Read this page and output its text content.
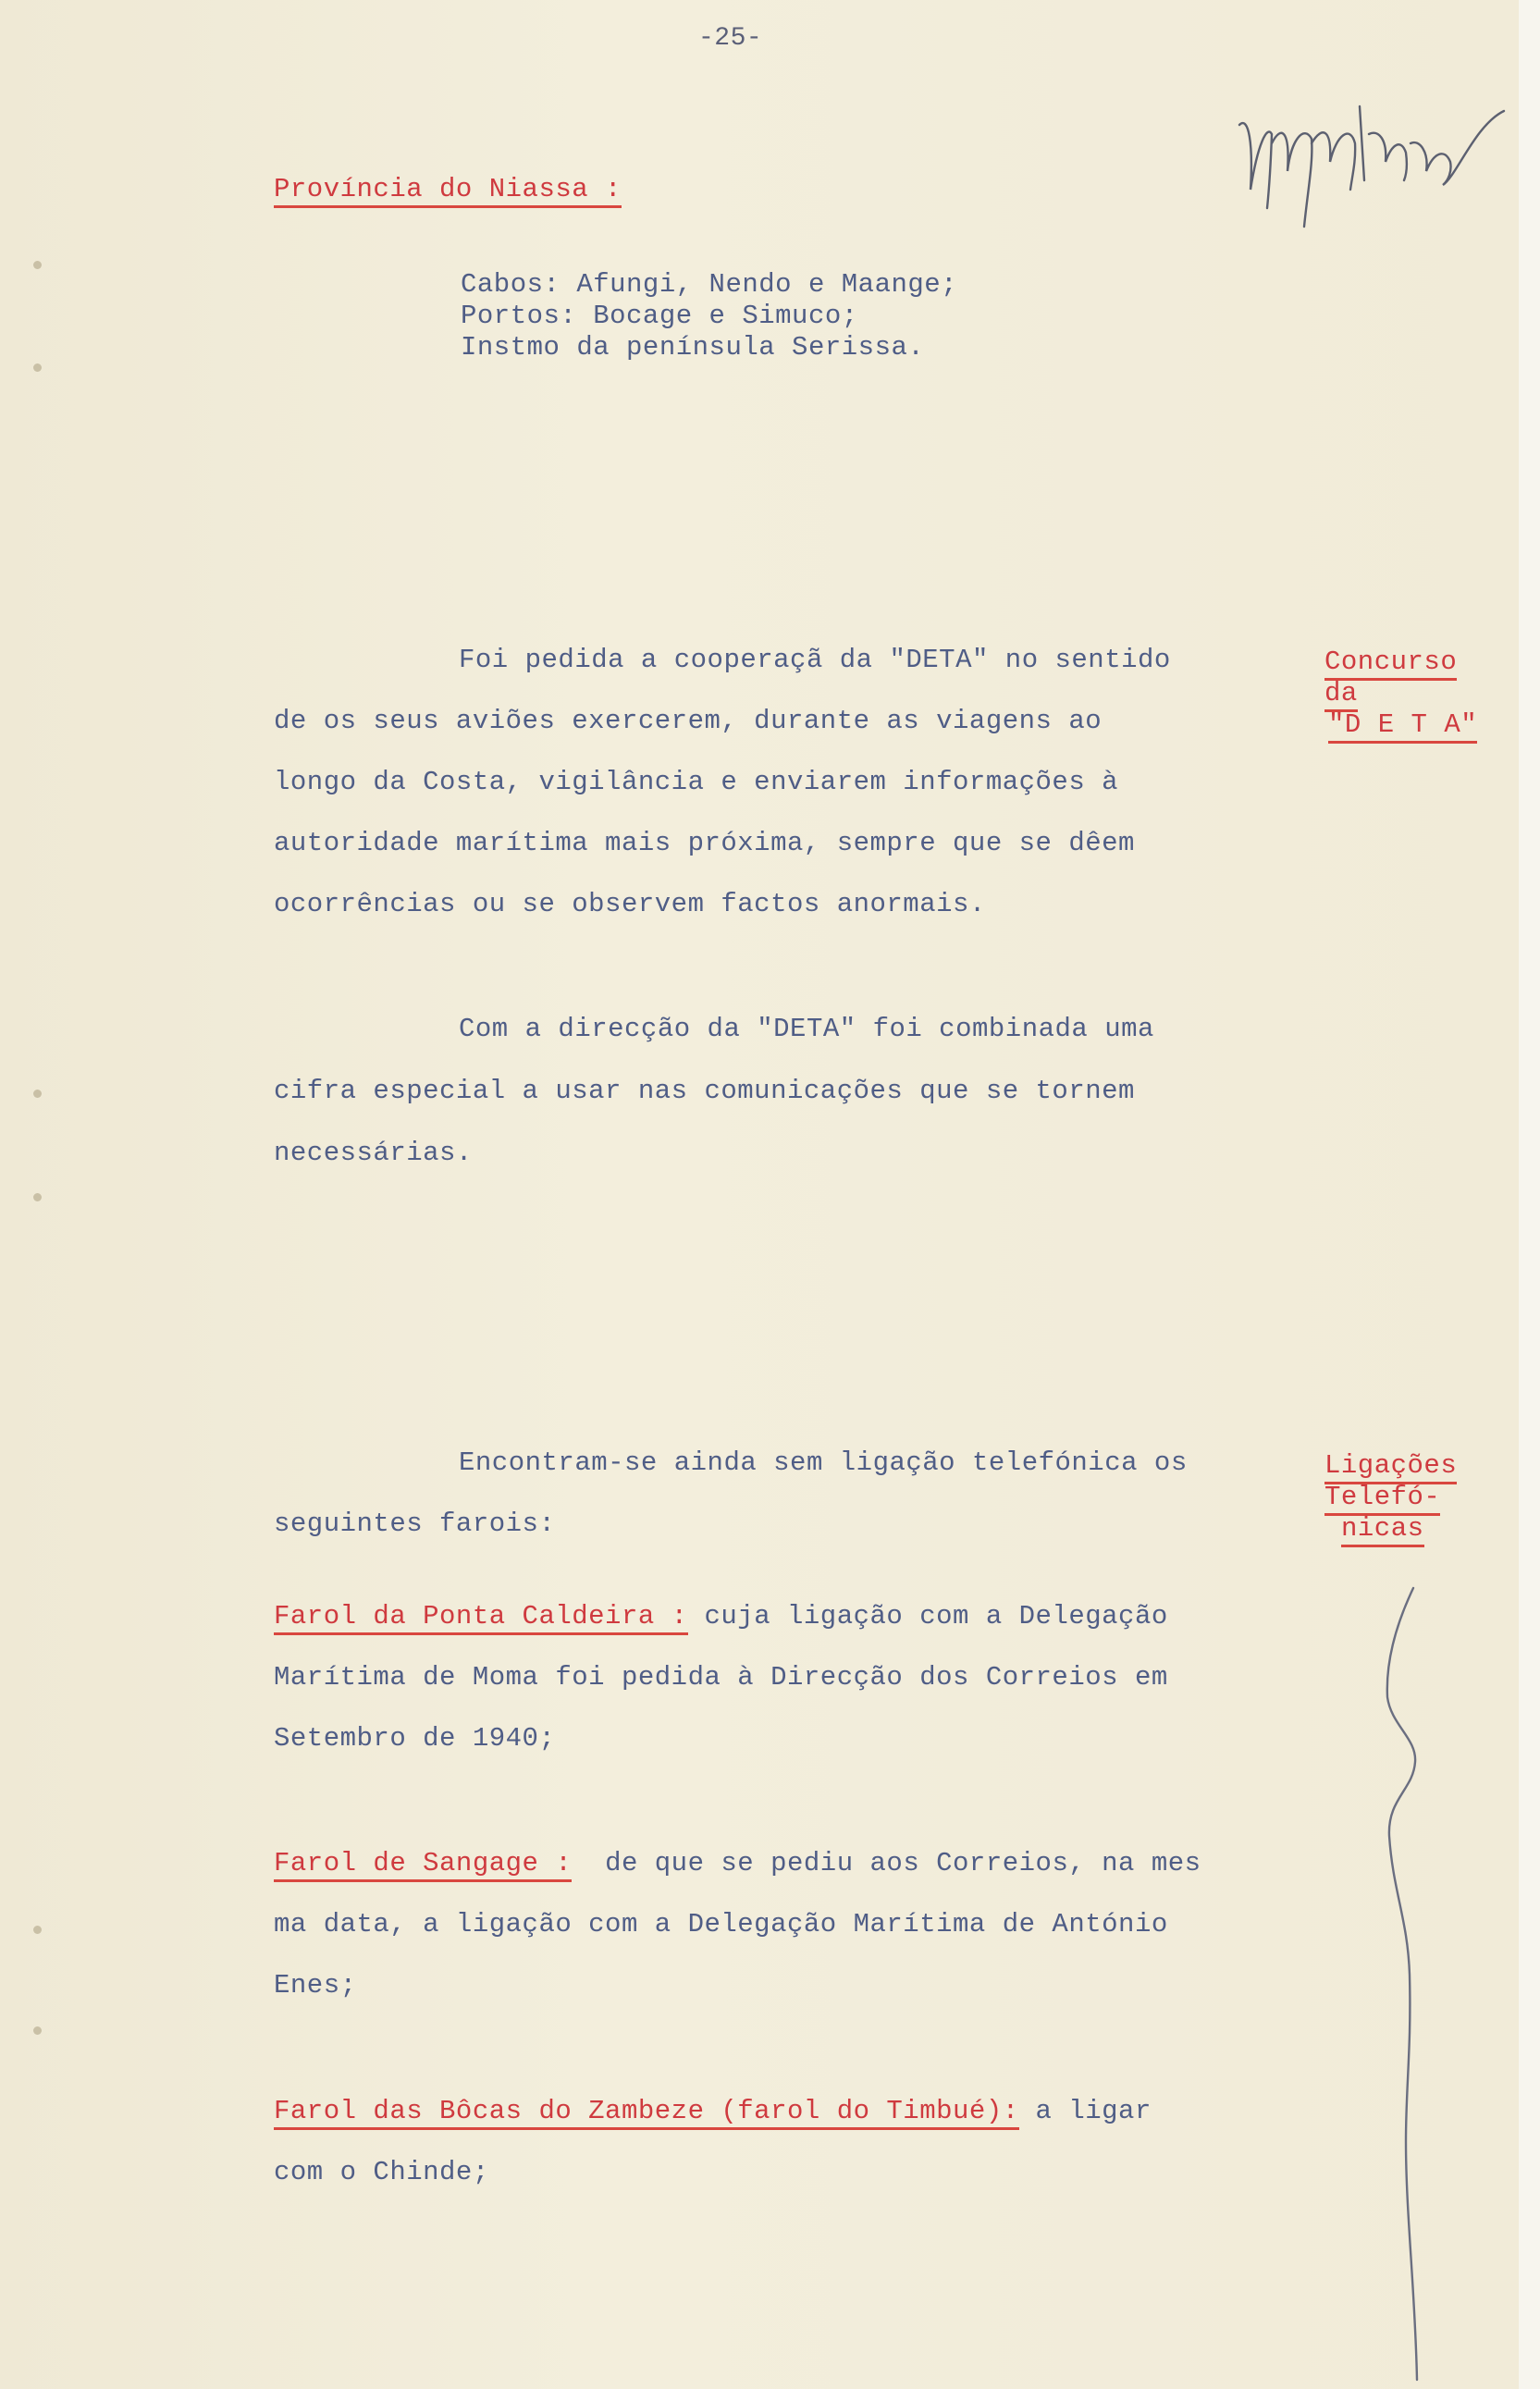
-25-
Província do Niassa :
Cabos: Afungi, Nendo e Maange;
Portos: Bocage e Simuco;
Instmo da península Serissa.
Foi pedida a cooperaçã da "DETA" no sentido
de os seus aviões exercerem, durante as viagens ao
longo da Costa, vigilância e enviarem informações à
autoridade marítima mais próxima, sempre que se dêem
ocorrências ou se observem factos anormais.
Concurso
da
"D E T A"
Com a direcção da "DETA" foi combinada uma
cifra especial a usar nas comunicações que se tornem
necessárias.
Encontram-se ainda sem ligação telefónica os
seguintes farois:
Ligações
Telefó-
nicas
Farol da Ponta Caldeira : cuja ligação com a Delegação
Marítima de Moma foi pedida à Direcção dos Correios em
Setembro de 1940;
Farol de Sangage :  de que se pediu aos Correios, na mes
ma data, a ligação com a Delegação Marítima de António
Enes;
Farol das Bôcas do Zambeze (farol do Timbué): a ligar
com o Chinde;
